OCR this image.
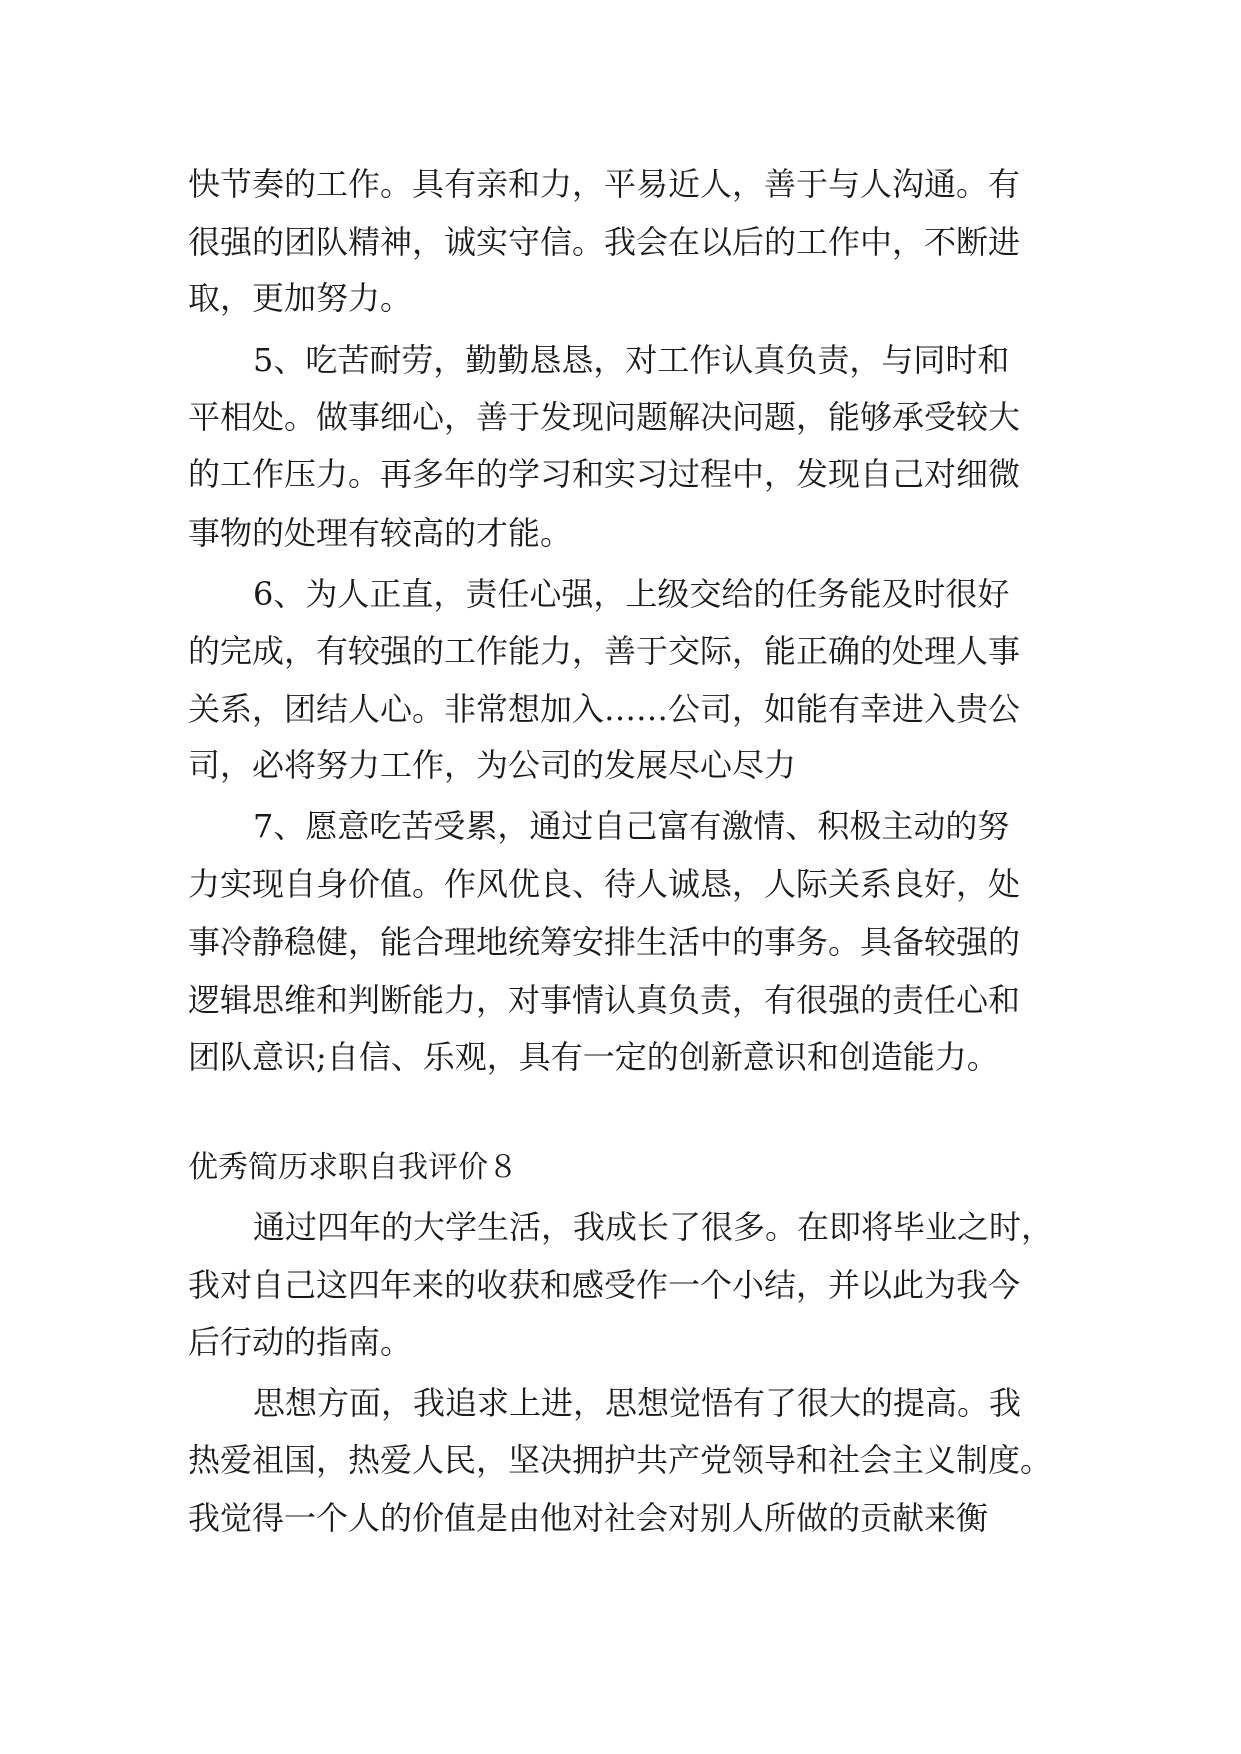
快节奏的工作。具有亲和力，平易近人，善于与人沟通。有
很强的团队精神，诚实守信。我会在以后的工作中，不断进
取，更加努力。
5、吃苦耐劳，勤勤恳恳，对工作认真负责，与同时和
平相处。做事细心，善于发现问题解决问题，能够承受较大
的工作压力。再多年的学习和实习过程中，发现自己对细微
事物的处理有较高的才能。
6、为人正直，责任心强，上级交给的任务能及时很好
的完成，有较强的工作能力，善于交际，能正确的处理人事
关系，团结人心。非常想加入……公司，如能有幸进入贵公
司，必将努力工作，为公司的发展尽心尽力
7、愿意吃苦受累，通过自己富有激情、积极主动的努
力实现自身价值。作风优良、待人诚恳，人际关系良好，处
事冷静稳健，能合理地统筹安排生活中的事务。具备较强的
逻辑思维和判断能力，对事情认真负责，有很强的责任心和
团队意识;自信、乐观，具有一定的创新意识和创造能力。
优秀简历求职自我评价８
通过四年的大学生活，我成长了很多。在即将毕业之时，
我对自己这四年来的收获和感受作一个小结，并以此为我今
后行动的指南。
思想方面，我追求上进，思想觉悟有了很大的提高。我
热爱祖国，热爱人民，坚决拥护共产党领导和社会主义制度。
我觉得一个人的价值是由他对社会对别人所做的贡献来衡
